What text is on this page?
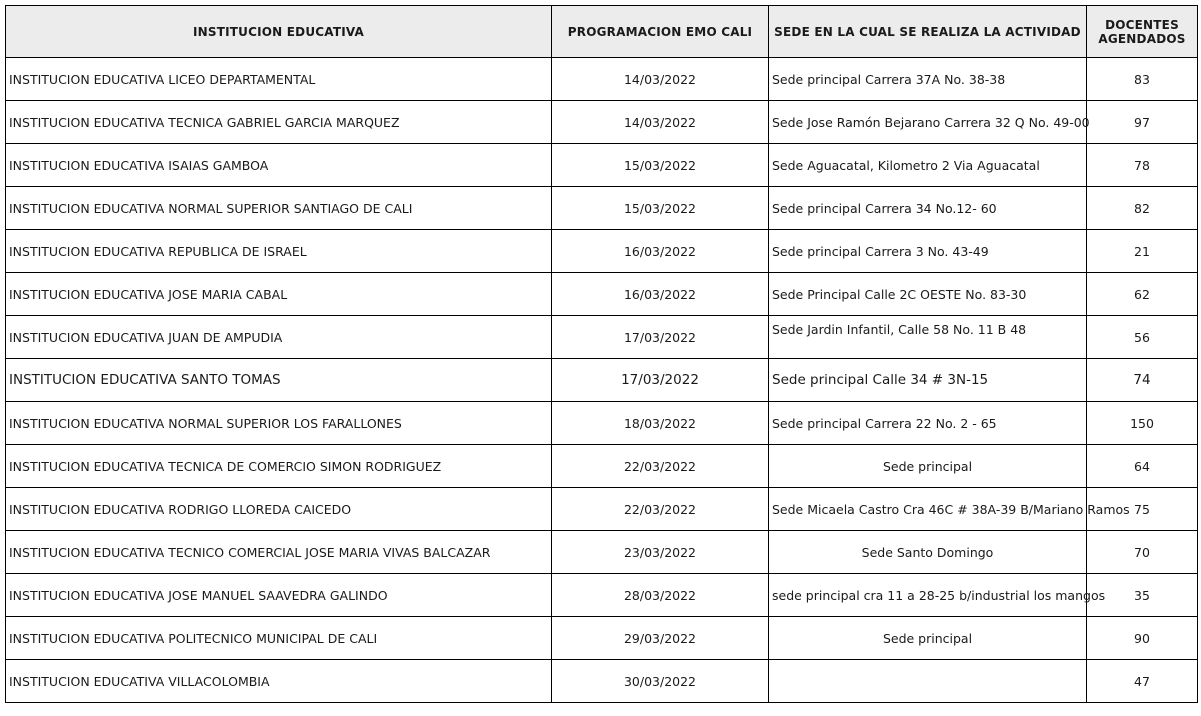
INSTITUCION EDUCATIVA	PROGRAMACION EMO CALI	SEDE EN LA CUAL SE REALIZA LA ACTIVIDAD	DOCENTES
AGENDADOS

INSTITUCION EDUCATIVA LICEO DEPARTAMENTAL	14/03/2022	Sede principal Carrera 37A No. 38-38	83
INSTITUCION EDUCATIVA TECNICA GABRIEL GARCIA MARQUEZ	14/03/2022	Sede Jose Ramón Bejarano Carrera 32 Q No. 49-00	97
INSTITUCION EDUCATIVA ISAIAS GAMBOA	15/03/2022	Sede Aguacatal, Kilometro 2 Via Aguacatal	78
INSTITUCION EDUCATIVA NORMAL SUPERIOR SANTIAGO DE CALI	15/03/2022	Sede principal Carrera 34 No.12- 60	82
INSTITUCION EDUCATIVA REPUBLICA DE ISRAEL	16/03/2022	Sede principal Carrera 3 No. 43-49	21
INSTITUCION EDUCATIVA JOSE MARIA CABAL	16/03/2022	Sede Principal Calle 2C OESTE No. 83-30	62
INSTITUCION EDUCATIVA JUAN DE AMPUDIA	17/03/2022	Sede Jardin Infantil, Calle 58 No. 11 B 48	56
INSTITUCION EDUCATIVA SANTO TOMAS	17/03/2022	Sede principal Calle 34 # 3N-15	74
INSTITUCION EDUCATIVA NORMAL SUPERIOR LOS FARALLONES	18/03/2022	Sede principal Carrera 22 No. 2 - 65	150
INSTITUCION EDUCATIVA TECNICA DE COMERCIO SIMON RODRIGUEZ	22/03/2022	Sede principal	64
INSTITUCION EDUCATIVA RODRIGO LLOREDA CAICEDO	22/03/2022	Sede Micaela Castro Cra 46C # 38A-39 B/Mariano Ramos	75
INSTITUCION EDUCATIVA TECNICO COMERCIAL JOSE MARIA VIVAS BALCAZAR	23/03/2022	Sede Santo Domingo	70
INSTITUCION EDUCATIVA JOSE MANUEL SAAVEDRA GALINDO	28/03/2022	sede principal cra 11 a 28-25 b/industrial los mangos	35
INSTITUCION EDUCATIVA POLITECNICO MUNICIPAL DE CALI	29/03/2022	Sede principal	90
INSTITUCION EDUCATIVA VILLACOLOMBIA	30/03/2022		47
